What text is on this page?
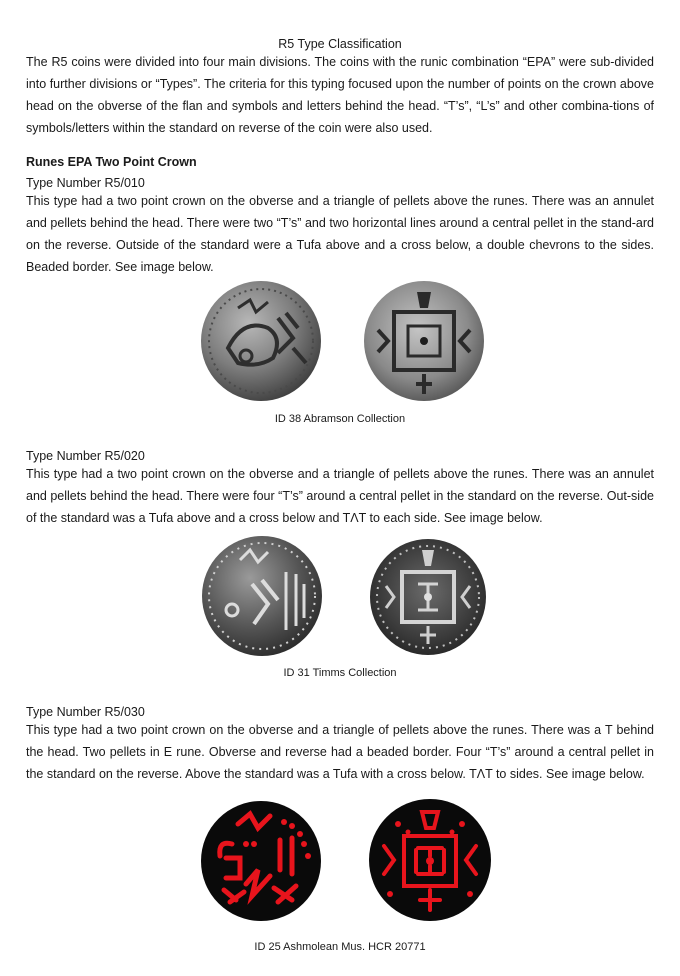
R5 Type Classification

The R5 coins were divided into four main divisions. The coins with the runic combination “EPA” were sub-divided into further divisions or “Types”. The criteria for this typing focused upon the number of points on the crown above head on the obverse of the flan and symbols and letters behind the head. “T’s”, “L’s” and other combina-tions of symbols/letters within the standard on reverse of the coin were also used.

Runes EPA Two Point Crown
Type Number R5/010

This type had a two point crown on the obverse and a triangle of pellets above the runes. There was an annulet and pellets behind the head. There were two “T’s” and two horizontal lines around a central pellet in the stand-ard on the reverse. Outside of the standard were a Tufa above and a cross below, a double chevrons to the sides. Beaded border. See image below.

ID 38 Abramson Collection
Type Number R5/020

This type had a two point crown on the obverse and a triangle of pellets above the runes. There was an annulet and pellets behind the head. There were four “T’s” around a central pellet in the standard on the reverse. Out-side of the standard was a Tufa above and a cross below and TΛT to each side. See image below.

ID 31 Timms Collection
Type Number R5/030

This type had a two point crown on the obverse and a triangle of pellets above the runes. There was a T behind the head. Two pellets in E rune. Obverse and reverse had a beaded border. Four “T’s” around a central pellet in the standard on the reverse. Above the standard was a Tufa with a cross below. TΛT to sides. See image below.

ID 25 Ashmolean Mus. HCR 20771
